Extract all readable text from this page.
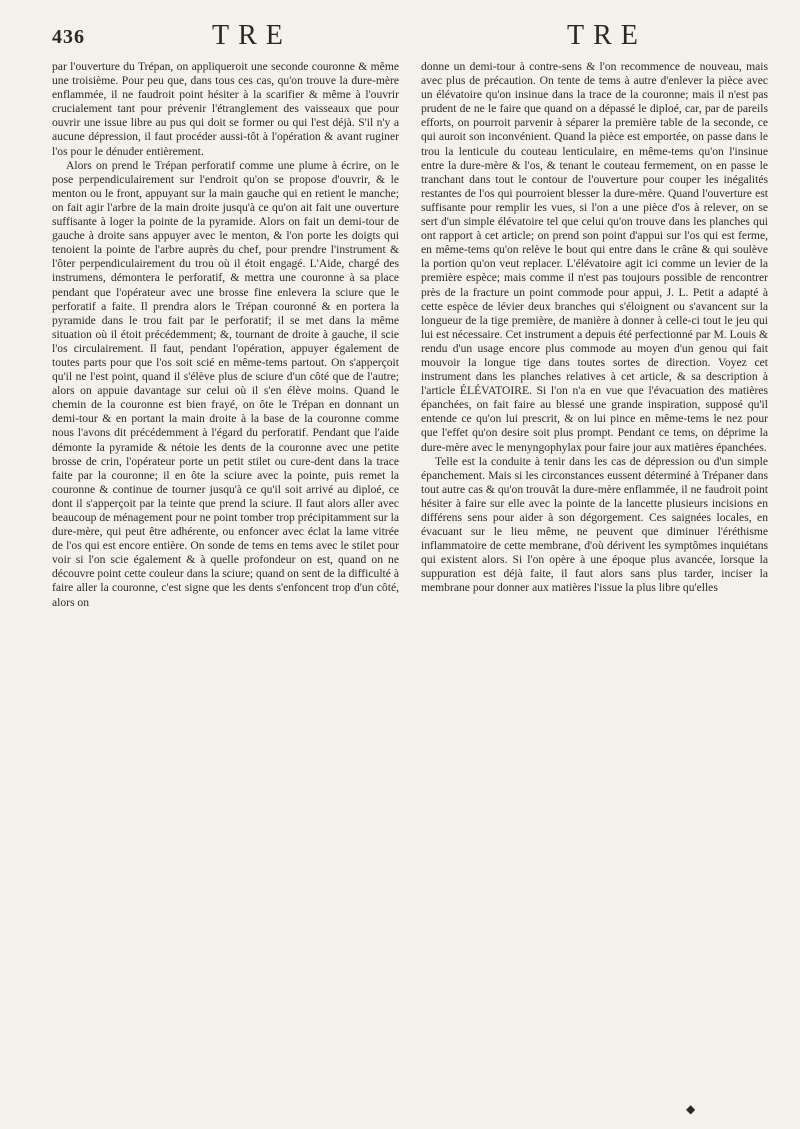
436	TRE	TRE

par l'ouverture du Trépan, on appliqueroit une seconde couronne & même une troisième. Pour peu que, dans tous ces cas, qu'on trouve la dure-mère enflammée, il ne faudroit point hésiter à la scarifier & même à l'ouvrir crucialement tant pour prévenir l'étranglement des vaisseaux que pour ouvrir une issue libre au pus qui doit se former ou qui l'est déjà. S'il n'y a aucune dépression, il faut procéder aussi-tôt à l'opération & avant ruginer l'os pour le dénuder entièrement.

Alors on prend le Trépan perforatif comme une plume à écrire, on le pose perpendiculairement sur l'endroit qu'on se propose d'ouvrir, & le menton ou le front, appuyant sur la main gauche qui en retient le manche; on fait agir l'arbre de la main droite jusqu'à ce qu'on ait fait une ouverture suffisante à loger la pointe de la pyramide. Alors on fait un demi-tour de gauche à droite sans appuyer avec le menton, & l'on porte les doigts qui tenoient la pointe de l'arbre auprès du chef, pour prendre l'instrument & l'ôter perpendiculairement du trou où il étoit engagé. L'Aide, chargé des instrumens, démontera le perforatif, & mettra une couronne à sa place pendant que l'opérateur avec une brosse fine enlevera la sciure que le perforatif a faite. Il prendra alors le Trépan couronné & en portera la pyramide dans le trou fait par le perforatif; il se met dans la même situation où il étoit précédemment; &, tournant de droite à gauche, il scie l'os circulairement. Il faut, pendant l'opération, appuyer également de toutes parts pour que l'os soit scié en même-tems partout. On s'apperçoit qu'il ne l'est point, quand il s'élève plus de sciure d'un côté que de l'autre; alors on appuie davantage sur celui où il s'en élève moins. Quand le chemin de la couronne est bien frayé, on ôte le Trépan en donnant un demi-tour & en portant la main droite à la base de la couronne comme nous l'avons dit précédemment à l'égard du perforatif. Pendant que l'aide démonte la pyramide & nétoie les dents de la couronne avec une petite brosse de crin, l'opérateur porte un petit stilet ou cure-dent dans la trace faite par la couronne; il en ôte la sciure avec la pointe, puis remet la couronne & continue de tourner jusqu'à ce qu'il soit arrivé au diploé, ce dont il s'apperçoit par la teinte que prend la sciure. Il faut alors aller avec beaucoup de ménagement pour ne point tomber trop précipitamment sur la dure-mère, qui peut être adhérente, ou enfoncer avec éclat la lame vitrée de l'os qui est encore entière. On sonde de tems en tems avec le stilet pour voir si l'on scie également & à quelle profondeur on est, quand on ne découvre point cette couleur dans la sciure; quand on sent de la difficulté à faire aller la couronne, c'est signe que les dents s'enfoncent trop d'un côté, alors on

donne un demi-tour à contre-sens & l'on recommence de nouveau, mais avec plus de précaution. On tente de tems à autre d'enlever la pièce avec un élévatoire qu'on insinue dans la trace de la couronne; mais il n'est pas prudent de ne le faire que quand on a dépassé le diploé, car, par de pareils efforts, on pourroit parvenir à séparer la première table de la seconde, ce qui auroit son inconvénient. Quand la pièce est emportée, on passe dans le trou la lenticule du couteau lenticulaire, en même-tems qu'on l'insinue entre la dure-mère & l'os, & tenant le couteau fermement, on en passe le tranchant dans tout le contour de l'ouverture pour couper les inégalités restantes de l'os qui pourroient blesser la dure-mère. Quand l'ouverture est suffisante pour remplir les vues, si l'on a une pièce d'os à relever, on se sert d'un simple élévatoire tel que celui qu'on trouve dans les planches qui ont rapport à cet article; on prend son point d'appui sur l'os qui est ferme, en même-tems qu'on relève le bout qui entre dans le crâne & qui soulève la portion qu'on veut replacer. L'élévatoire agit ici comme un levier de la première espèce; mais comme il n'est pas toujours possible de rencontrer près de la fracture un point commode pour appui, J. L. Petit a adapté à cette espèce de lévier deux branches qui s'éloignent ou s'avancent sur la longueur de la tige première, de manière à donner à celle-ci tout le jeu qui lui est nécessaire. Cet instrument a depuis été perfectionné par M. Louis & rendu d'un usage encore plus commode au moyen d'un genou qui fait mouvoir la longue tige dans toutes sortes de direction. Voyez cet instrument dans les planches relatives à cet article, & sa description à l'article ÉLÉVATOIRE. Si l'on n'a en vue que l'évacuation des matières épanchées, on fait faire au blessé une grande inspiration, supposé qu'il entende ce qu'on lui prescrit, & on lui pince en même-tems le nez pour que l'effet qu'on desire soit plus prompt. Pendant ce tems, on déprime la dure-mère avec le menyngophylax pour faire jour aux matières épanchées.

Telle est la conduite à tenir dans les cas de dépression ou d'un simple épanchement. Mais si les circonstances eussent déterminé à Trépaner dans tout autre cas & qu'on trouvât la dure-mère enflammée, il ne faudroit point hésiter à faire sur elle avec la pointe de la lancette plusieurs incisions en différens sens pour aider à son dégorgement. Ces saignées locales, en évacuant sur le lieu même, ne peuvent que diminuer l'éréthisme inflammatoire de cette membrane, d'où dérivent les symptômes inquiétans qui existent alors. Si l'on opère à une époque plus avancée, lorsque la suppuration est déjà faite, il faut alors sans plus tarder, inciser la membrane pour donner aux matières l'issue la plus libre qu'elles

◆
